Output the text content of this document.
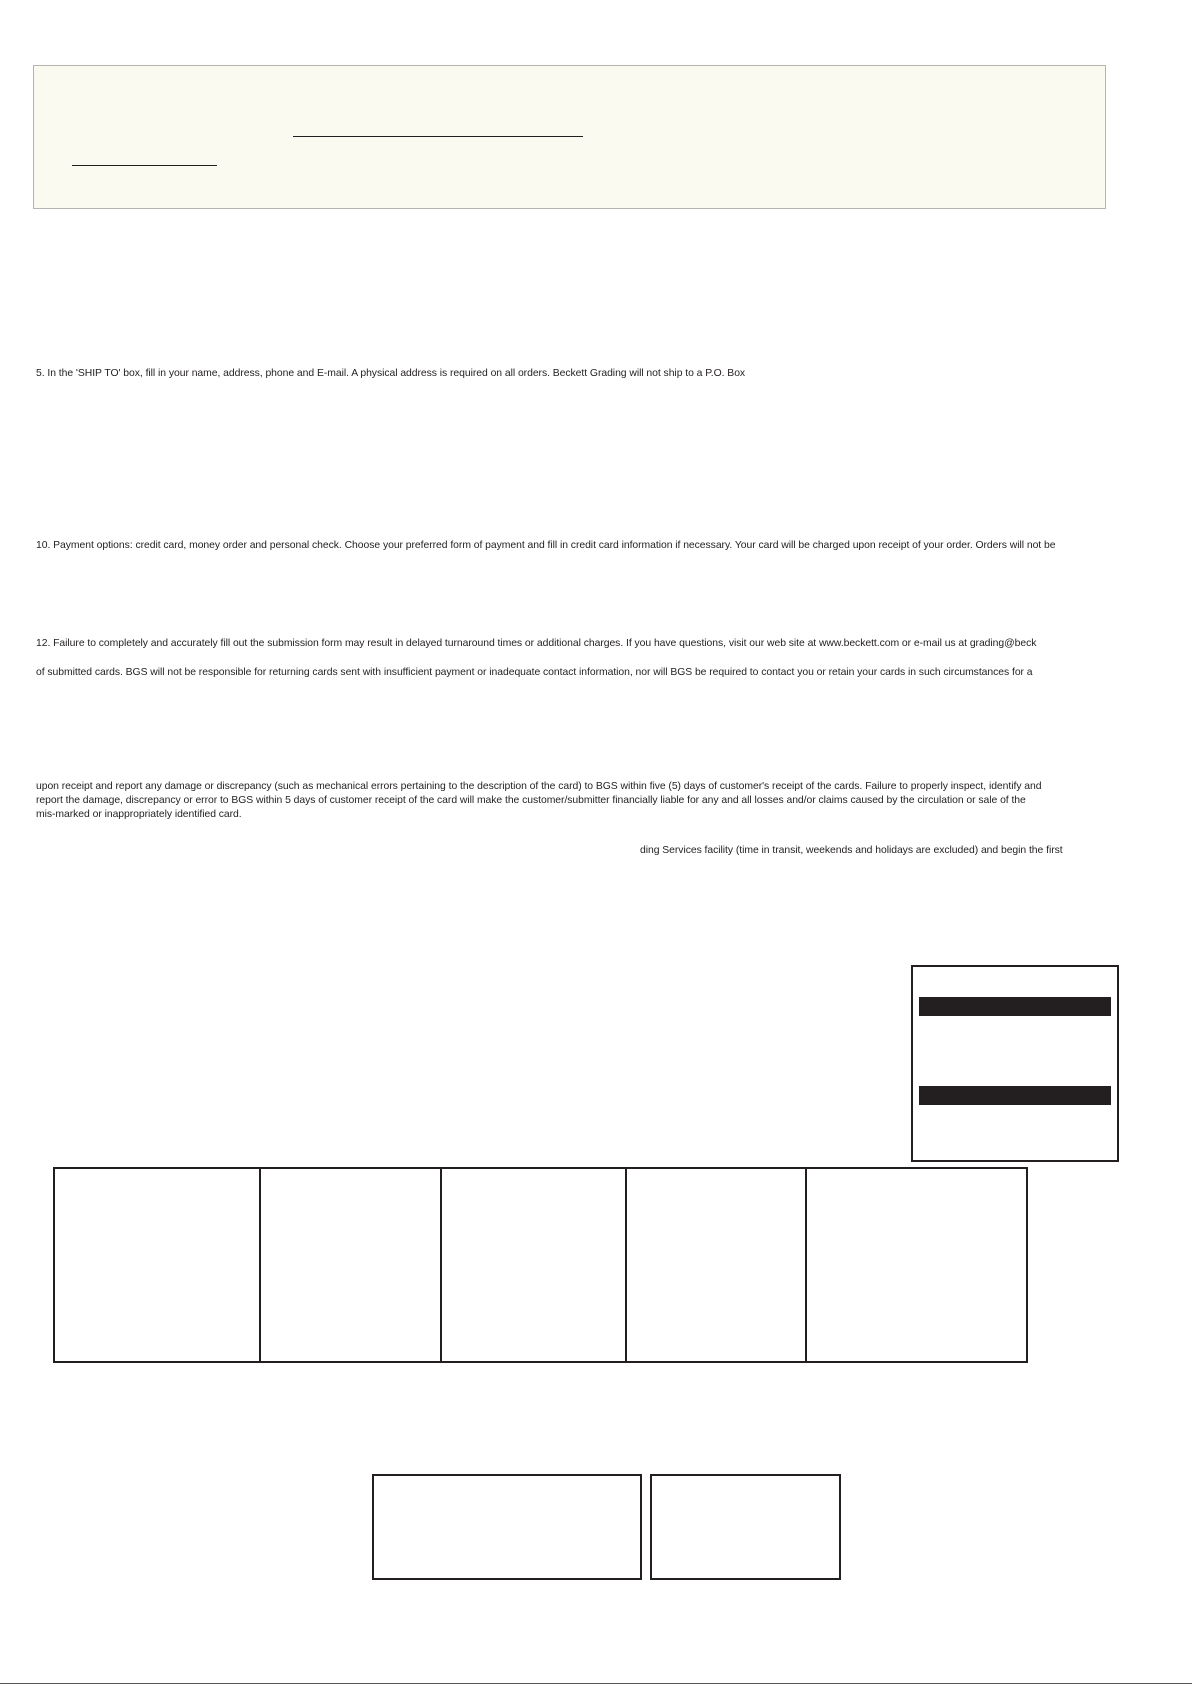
5. In the 'SHIP TO' box, fill in your name, address, phone and E-mail. A physical address is required on all orders. Beckett Grading will not ship to a P.O. Box
10. Payment options: credit card, money order and personal check. Choose your preferred form of payment and fill in credit card information if necessary. Your card will be charged upon receipt of your order. Orders will not be
12. Failure to completely and accurately fill out the submission form may result in delayed turnaround times or additional charges. If you have questions, visit our web site at www.beckett.com or e-mail us at grading@beck
of submitted cards. BGS will not be responsible for returning cards sent with insufficient payment or inadequate contact information, nor will BGS be required to contact you or retain your cards in such circumstances for a
upon receipt and report any damage or discrepancy (such as mechanical errors pertaining to the description of the card) to BGS within five (5) days of customer's receipt of the cards. Failure to properly inspect, identify and
report the damage, discrepancy or error to BGS within 5 days of customer receipt of the card will make the customer/submitter financially liable for any and all losses and/or claims caused by the circulation or sale of the
mis-marked or inappropriately identified card.
ding Services facility (time in transit, weekends and holidays are excluded) and begin the first
